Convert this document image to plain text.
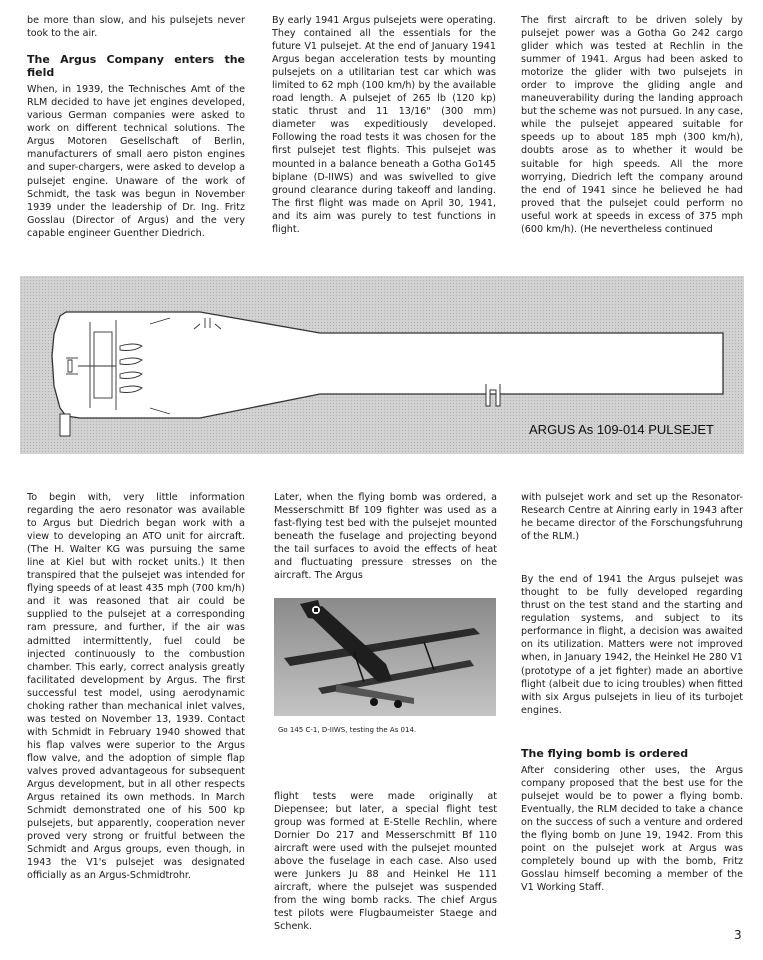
be more than slow, and his pulsejets never took to the air.

The Argus Company enters the field

When, in 1939, the Technisches Amt of the RLM decided to have jet engines developed, various German companies were asked to work on different technical solutions. The Argus Motoren Gesellschaft of Berlin, manufacturers of small aero piston engines and super-chargers, were asked to develop a pulsejet engine. Unaware of the work of Schmidt, the task was begun in November 1939 under the leadership of Dr. Ing. Fritz Gosslau (Director of Argus) and the very capable engineer Guenther Diedrich.

By early 1941 Argus pulsejets were operating. They contained all the essentials for the future V1 pulsejet. At the end of January 1941 Argus began acceleration tests by mounting pulsejets on a utilitarian test car which was limited to 62 mph (100 km/h) by the available road length. A pulsejet of 265 lb (120 kp) static thrust and 11 13/16" (300 mm) diameter was expeditiously developed. Following the road tests it was chosen for the first pulsejet test flights. This pulsejet was mounted in a balance beneath a Gotha Go145 biplane (D-IIWS) and was swivelled to give ground clearance during takeoff and landing. The first flight was made on April 30, 1941, and its aim was purely to test functions in flight.

The first aircraft to be driven solely by pulsejet power was a Gotha Go 242 cargo glider which was tested at Rechlin in the summer of 1941. Argus had been asked to motorize the glider with two pulsejets in order to improve the gliding angle and maneuverability during the landing approach but the scheme was not pursued. In any case, while the pulsejet appeared suitable for speeds up to about 185 mph (300 km/h), doubts arose as to whether it would be suitable for high speeds. All the more worrying, Diedrich left the company around the end of 1941 since he believed he had proved that the pulsejet could perform no useful work at speeds in excess of 375 mph (600 km/h). (He nevertheless continued

ARGUS As 109-014 PULSEJET

To begin with, very little information regarding the aero resonator was available to Argus but Diedrich began work with a view to developing an ATO unit for aircraft. (The H. Walter KG was pursuing the same line at Kiel but with rocket units.) It then transpired that the pulsejet was intended for flying speeds of at least 435 mph (700 km/h) and it was reasoned that air could be supplied to the pulsejet at a corresponding ram pressure, and further, if the air was admitted intermittently, fuel could be injected continuously to the combustion chamber. This early, correct analysis greatly facilitated development by Argus. The first successful test model, using aerodynamic choking rather than mechanical inlet valves, was tested on November 13, 1939. Contact with Schmidt in February 1940 showed that his flap valves were superior to the Argus flow valve, and the adoption of simple flap valves proved advantageous for subsequent Argus development, but in all other respects Argus retained its own methods. In March Schmidt demonstrated one of his 500 kp pulsejets, but apparently, cooperation never proved very strong or fruitful between the Schmidt and Argus groups, even though, in 1943 the V1's pulsejet was designated officially as an Argus-Schmidtrohr.

Later, when the flying bomb was ordered, a Messerschmitt Bf 109 fighter was used as a fast-flying test bed with the pulsejet mounted beneath the fuselage and projecting beyond the tail surfaces to avoid the effects of heat and fluctuating pressure stresses on the aircraft. The Argus

Go 145 C-1, D-IIWS, testing the As 014.

flight tests were made originally at Diepensee; but later, a special flight test group was formed at E-Stelle Rechlin, where Dornier Do 217 and Messerschmitt Bf 110 aircraft were used with the pulsejet mounted above the fuselage in each case. Also used were Junkers Ju 88 and Heinkel He 111 aircraft, where the pulsejet was suspended from the wing bomb racks. The chief Argus test pilots were Flugbaumeister Staege and Schenk.

with pulsejet work and set up the Resonator-Research Centre at Ainring early in 1943 after he became director of the Forschungsfuhrung of the RLM.)

By the end of 1941 the Argus pulsejet was thought to be fully developed regarding thrust on the test stand and the starting and regulation systems, and subject to its performance in flight, a decision was awaited on its utilization. Matters were not improved when, in January 1942, the Heinkel He 280 V1 (prototype of a jet fighter) made an abortive flight (albeit due to icing troubles) when fitted with six Argus pulsejets in lieu of its turbojet engines.

The flying bomb is ordered

After considering other uses, the Argus company proposed that the best use for the pulsejet would be to power a flying bomb. Eventually, the RLM decided to take a chance on the success of such a venture and ordered the flying bomb on June 19, 1942. From this point on the pulsejet work at Argus was completely bound up with the bomb, Fritz Gosslau himself becoming a member of the V1 Working Staff.

3
